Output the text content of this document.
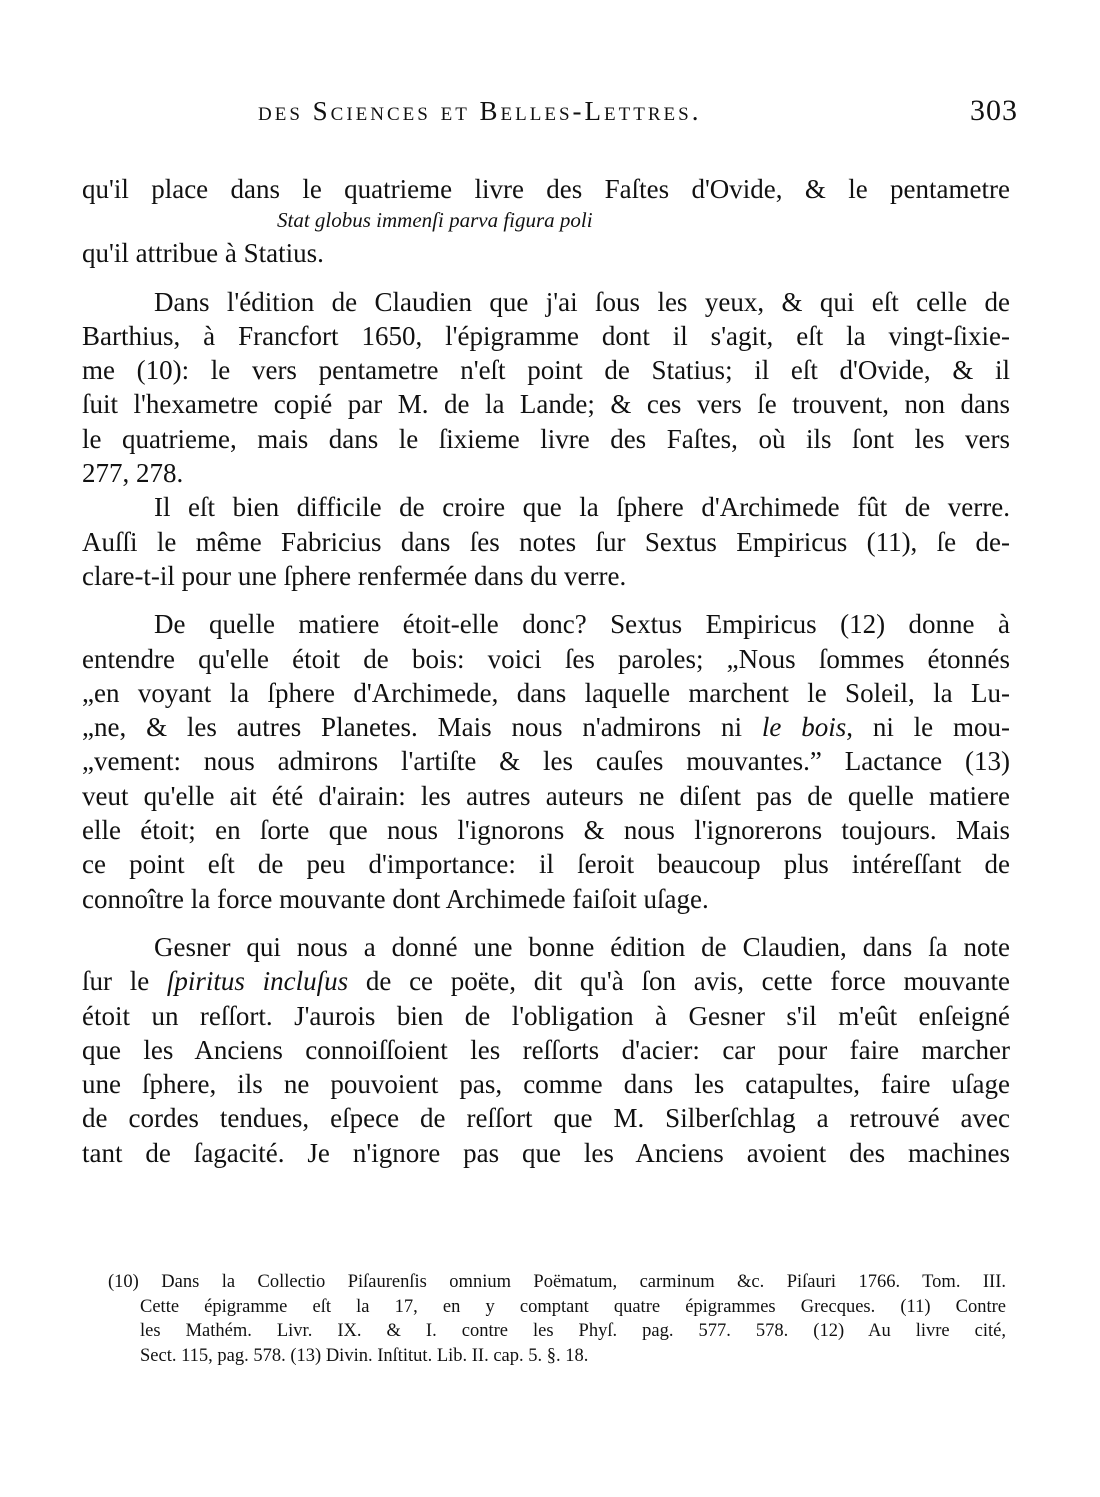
des Sciences et Belles-Lettres.	303
qu'il place dans le quatrieme livre des Faſtes d'Ovide, & le pentametre
Stat globus immenſi parva figura poli
qu'il attribue à Statius.
Dans l'édition de Claudien que j'ai ſous les yeux, & qui eſt celle de
Barthius, à Francfort 1650, l'épigramme dont il s'agit, eſt la vingt-ſixie-
me (10): le vers pentametre n'eſt point de Statius; il eſt d'Ovide, & il
ſuit l'hexametre copié par M. de la Lande; & ces vers ſe trouvent, non dans
le quatrieme, mais dans le ſixieme livre des Faſtes, où ils ſont les vers
277, 278.
Il eſt bien difficile de croire que la ſphere d'Archimede fût de verre.
Auſſi le même Fabricius dans ſes notes ſur Sextus Empiricus (11), ſe de-
clare-t-il pour une ſphere renfermée dans du verre.
De quelle matiere étoit-elle donc? Sextus Empiricus (12) donne à
entendre qu'elle étoit de bois: voici ſes paroles; „Nous ſommes étonnés
„en voyant la ſphere d'Archimede, dans laquelle marchent le Soleil, la Lu-
„ne, & les autres Planetes. Mais nous n'admirons ni le bois, ni le mou-
„vement: nous admirons l'artiſte & les cauſes mouvantes.” Lactance (13)
veut qu'elle ait été d'airain: les autres auteurs ne diſent pas de quelle matiere
elle étoit; en ſorte que nous l'ignorons & nous l'ignorerons toujours. Mais
ce point eſt de peu d'importance: il ſeroit beaucoup plus intéreſſant de
connoître la force mouvante dont Archimede faiſoit uſage.
Gesner qui nous a donné une bonne édition de Claudien, dans ſa note
ſur le ſpiritus incluſus de ce poëte, dit qu'à ſon avis, cette force mouvante
étoit un reſſort. J'aurois bien de l'obligation à Gesner s'il m'eût enſeigné
que les Anciens connoiſſoient les reſſorts d'acier: car pour faire marcher
une ſphere, ils ne pouvoient pas, comme dans les catapultes, faire uſage
de cordes tendues, eſpece de reſſort que M. Silberſchlag a retrouvé avec
tant de ſagacité. Je n'ignore pas que les Anciens avoient des machines
(10) Dans la Collectio Piſaurenſis omnium Poëmatum, carminum &c. Piſauri 1766. Tom. III.
Cette épigramme eſt la 17, en y comptant quatre épigrammes Grecques. (11) Contre
les Mathém. Livr. IX. & I. contre les Phyſ. pag. 577. 578. (12) Au livre cité,
Sect. 115, pag. 578. (13) Divin. Inſtitut. Lib. II. cap. 5. §. 18.
